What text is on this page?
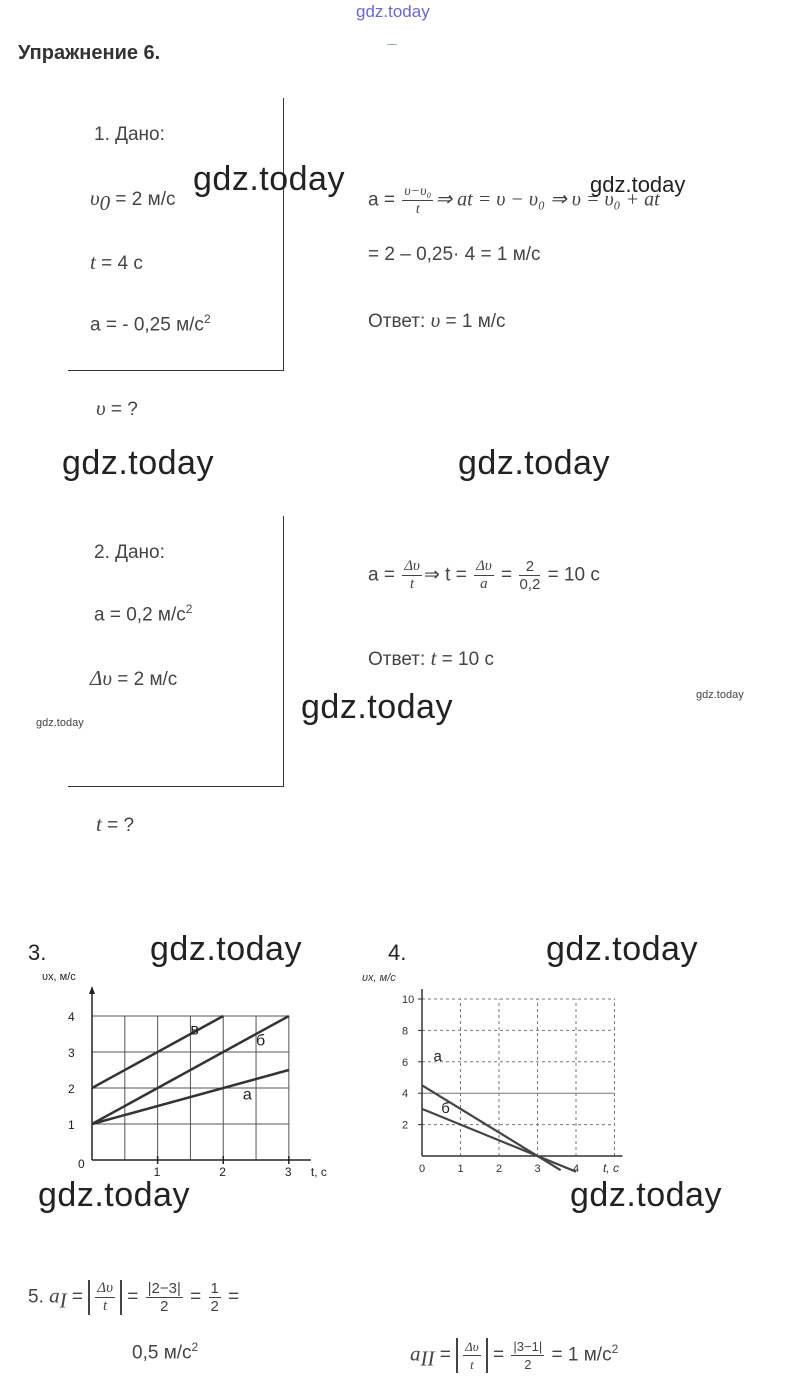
gdz.today
Упражнение 6.
1. Дано:
$\upsilon_0 = 2$ м/с
t = 4 с
a = - 0,25 $м/с^2$
υ = ?
$a = \frac{\text{υ−υ₀}}{t}$ ⇒ at = υ − υ₀ ⇒ υ = υ₀ + at
= 2 – 0,25· 4 = 1 м/с
Ответ: υ = 1 м/с
gdz.today	gdz.today
gdz.today	gdz.today
2. Дано:
a = 0,2 $м/с^2$
Δυ = 2 м/с
t = ?
$a = \frac{\Delta\upsilon}{t}$ ⇒ $t = \frac{\Delta\upsilon}{a} = \frac{2}{0,2} = 10$ с
Ответ: t = 10 с
gdz.today	gdz.today	gdz.today
3.	4.
1
2
3
4
0
1	2	3 t, с
υx, м/с
а
б
в
2
4
6
8
10
0	1	2	3	4 t, с
υx, м/с
а
б
gdz.today	gdz.today
gdz.today	gdz.today
5. $a_I = \frac{\Delta\upsilon}{t} = \frac{|2-3|}{2} = \frac{1}{2}$ =
0,5 $м/с^2$	$a_{II} = \frac{\Delta\upsilon}{t} = \frac{|3-1|}{2} = 1$ $м/с^2$
